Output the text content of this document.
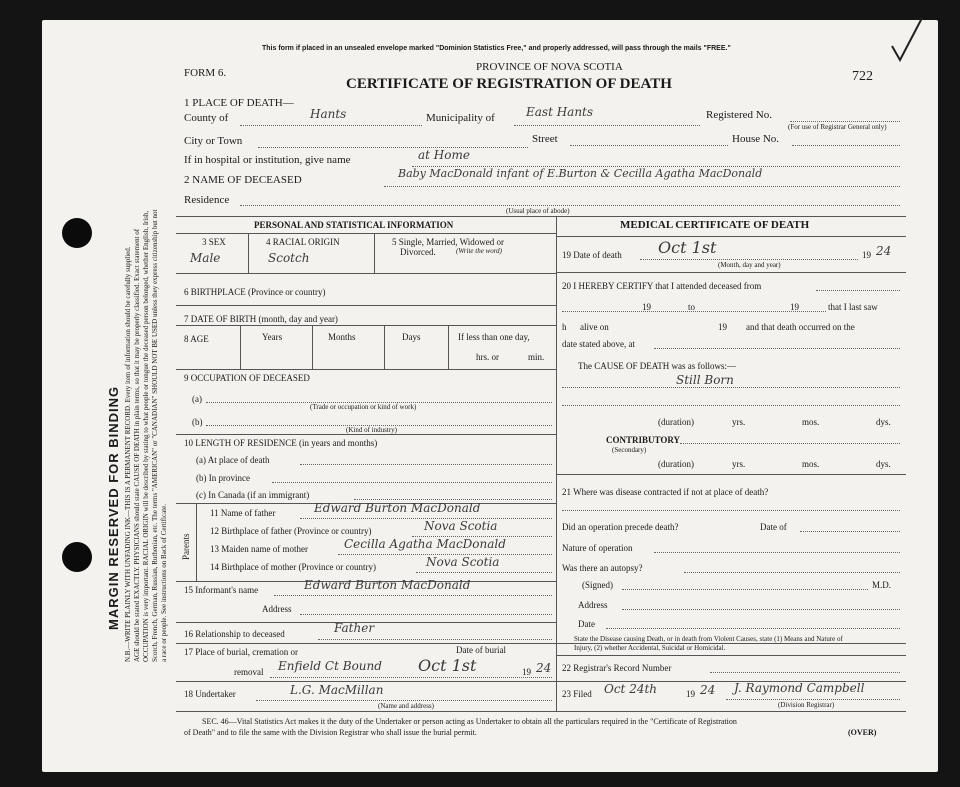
MARGIN RESERVED FOR BINDING N.B.—WRITE PLAINLY WITH UNFADING INK—THIS IS A PERMANENT RECORD. Every item of information should be carefully supplied. AGE should be stated EXACTLY. PHYSICIANS should state CAUSE OF DEATH in plain terms, so that it may be properly classified. Exact statement of OCCUPATION is very important. RACIAL ORIGIN will be described by stating to what people or tongue the deceased person belonged, whether English, Irish, Scotch, French, German, Russian, Ruthenian, etc. The terms "AMERICAN" or "CANADIAN" SHOULD NOT BE USED unless they express citizenship but not a race or people. See instructions on Back of Certificate.
This form if placed in an unsealed envelope marked "Dominion Statistics Free," and properly addressed, will pass through the mails "FREE."
FORM 6.	PROVINCE OF NOVA SCOTIA
CERTIFICATE OF REGISTRATION OF DEATH	722
1 PLACE OF DEATH—
County of	Hants	Municipality of	East Hants	Registered No.
(For use of Registrar General only)
City or Town	Street	House No.
If in hospital or institution, give name	at Home
2 NAME OF DECEASED	Baby MacDonald infant of E.Burton & Cecilla Agatha MacDonald
Residence
(Usual place of abode)
PERSONAL AND STATISTICAL INFORMATION
3 SEX
Male
4 RACIAL ORIGIN
Scotch
5 Single, Married, Widowed or
Divorced.	(Write the word)
6 BIRTHPLACE (Province or country)
7 DATE OF BIRTH (month, day and year)
8 AGE	Years	Months	Days	If less than one day,
hrs. or	min.
9 OCCUPATION OF DECEASED
(a)
(Trade or occupation or kind of work)
(b)
(Kind of industry)
10 LENGTH OF RESIDENCE (in years and months)
(a) At place of death
(b) In province
(c) In Canada (if an immigrant)
Parents
11 Name of father	Edward Burton MacDonald
12 Birthplace of father (Province or country)	Nova Scotia
13 Maiden name of mother	Cecilla Agatha MacDonald
14 Birthplace of mother (Province or country)	Nova Scotia
15 Informant's name	Edward Burton MacDonald
Address
16 Relationship to deceased	Father
17 Place of burial, cremation or	Date of burial
removal Enfield Ct Bound Oct 1st	19 24
18 Undertaker	L.G. MacMillan
(Name and address)
MEDICAL CERTIFICATE OF DEATH
19 Date of death Oct 1st	19 24
(Month, day and year)
20 I HEREBY CERTIFY that I attended deceased from
19	to	19	that I last saw
h alive on	19 and that death occurred on the
date stated above, at
The CAUSE OF DEATH was as follows:—
Still Born
(duration)	yrs.	mos.	dys.
CONTRIBUTORY
(Secondary)
(duration)	yrs.	mos.	dys.
21 Where was disease contracted if not at place of death?
Did an operation precede death?	Date of
Nature of operation
Was there an autopsy?
(Signed)	M.D.
Address
Date
State the Disease causing Death, or in death from Violent Causes, state (1) Means and Nature of
Injury, (2) whether Accidental, Suicidal or Homicidal.
22 Registrar's Record Number
23 Filed Oct 24th	19 24 J. Raymond Campbell
(Division Registrar)
SEC. 46—Vital Statistics Act makes it the duty of the Undertaker or person acting as Undertaker to obtain all the particulars required in the "Certificate of Registration
of Death" and to file the same with the Division Registrar who shall issue the burial permit.	(OVER)
